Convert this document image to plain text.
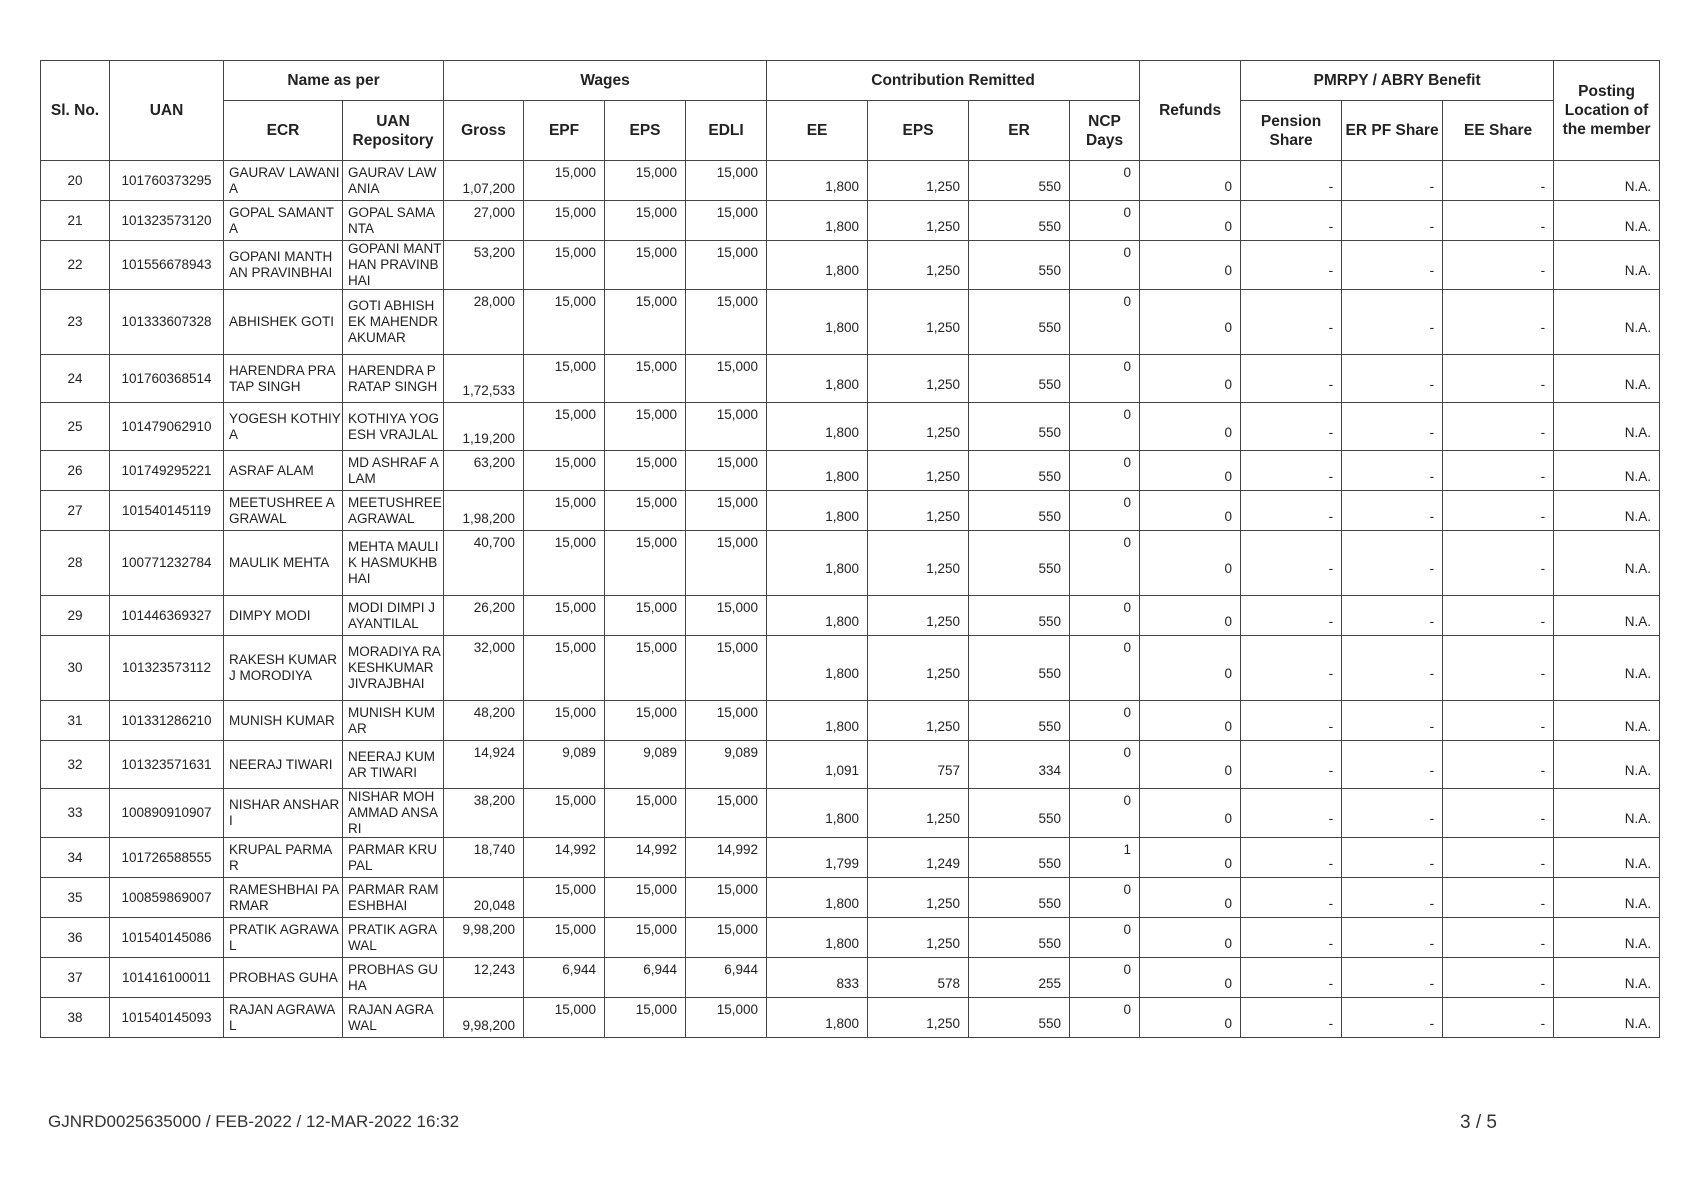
Sl. No.	UAN	Name as per		Wages				Contribution Remitted				Refunds	PMRPY / ABRY Benefit			Posting Location of the member
		ECR	UAN Repository	Gross	EPF	EPS	EDLI	EE	EPS	ER	NCP Days		Pension Share	ER PF Share	EE Share	
20	101760373295	GAURAV LAWANIA	GAURAV LAWANIA	1,07,200	15,000	15,000	15,000	1,800	1,250	550	0	0	-	-	-	N.A.
21	101323573120	GOPAL SAMANTA	GOPAL SAMANTA	27,000	15,000	15,000	15,000	1,800	1,250	550	0	0	-	-	-	N.A.
22	101556678943	GOPANI MANTHAN PRAVINBHAI	GOPANI MANTHAN PRAVINBHAI	53,200	15,000	15,000	15,000	1,800	1,250	550	0	0	-	-	-	N.A.
23	101333607328	ABHISHEK GOTI	GOTI ABHISHEK MAHENDRAKUMAR	28,000	15,000	15,000	15,000	1,800	1,250	550	0	0	-	-	-	N.A.
24	101760368514	HARENDRA PRATAP SINGH	HARENDRA PRATAP SINGH	1,72,533	15,000	15,000	15,000	1,800	1,250	550	0	0	-	-	-	N.A.
25	101479062910	YOGESH KOTHIYA	KOTHIYA YOGESH VRAJLAL	1,19,200	15,000	15,000	15,000	1,800	1,250	550	0	0	-	-	-	N.A.
26	101749295221	ASRAF ALAM	MD ASHRAF ALAM	63,200	15,000	15,000	15,000	1,800	1,250	550	0	0	-	-	-	N.A.
27	101540145119	MEETUSHREE AGRAWAL	MEETUSHREE AGRAWAL	1,98,200	15,000	15,000	15,000	1,800	1,250	550	0	0	-	-	-	N.A.
28	100771232784	MAULIK MEHTA	MEHTA MAULIK HASMUKHBHAI	40,700	15,000	15,000	15,000	1,800	1,250	550	0	0	-	-	-	N.A.
29	101446369327	DIMPY MODI	MODI DIMPI JAYANTILAL	26,200	15,000	15,000	15,000	1,800	1,250	550	0	0	-	-	-	N.A.
30	101323573112	RAKESH KUMAR J MORODIYA	MORADIYA RAKESHKUMAR JIVRAJBHAI	32,000	15,000	15,000	15,000	1,800	1,250	550	0	0	-	-	-	N.A.
31	101331286210	MUNISH KUMAR	MUNISH KUMAR	48,200	15,000	15,000	15,000	1,800	1,250	550	0	0	-	-	-	N.A.
32	101323571631	NEERAJ TIWARI	NEERAJ KUMAR TIWARI	14,924	9,089	9,089	9,089	1,091	757	334	0	0	-	-	-	N.A.
33	100890910907	NISHAR ANSHARI	NISHAR MOHAMMAD ANSARI	38,200	15,000	15,000	15,000	1,800	1,250	550	0	0	-	-	-	N.A.
34	101726588555	KRUPAL PARMAR	PARMAR KRUPAL	18,740	14,992	14,992	14,992	1,799	1,249	550	1	0	-	-	-	N.A.
35	100859869007	RAMESHBHAI PARMAR	PARMAR RAMESHBHAI	20,048	15,000	15,000	15,000	1,800	1,250	550	0	0	-	-	-	N.A.
36	101540145086	PRATIK AGRAWAL	PRATIK AGRAWAL	9,98,200	15,000	15,000	15,000	1,800	1,250	550	0	0	-	-	-	N.A.
37	101416100011	PROBHAS GUHA	PROBHAS GUHA	12,243	6,944	6,944	6,944	833	578	255	0	0	-	-	-	N.A.
38	101540145093	RAJAN AGRAWAL	RAJAN AGRAWAL	9,98,200	15,000	15,000	15,000	1,800	1,250	550	0	0	-	-	-	N.A.
GJNRD0025635000 / FEB-2022 / 12-MAR-2022 16:32	3 / 5
